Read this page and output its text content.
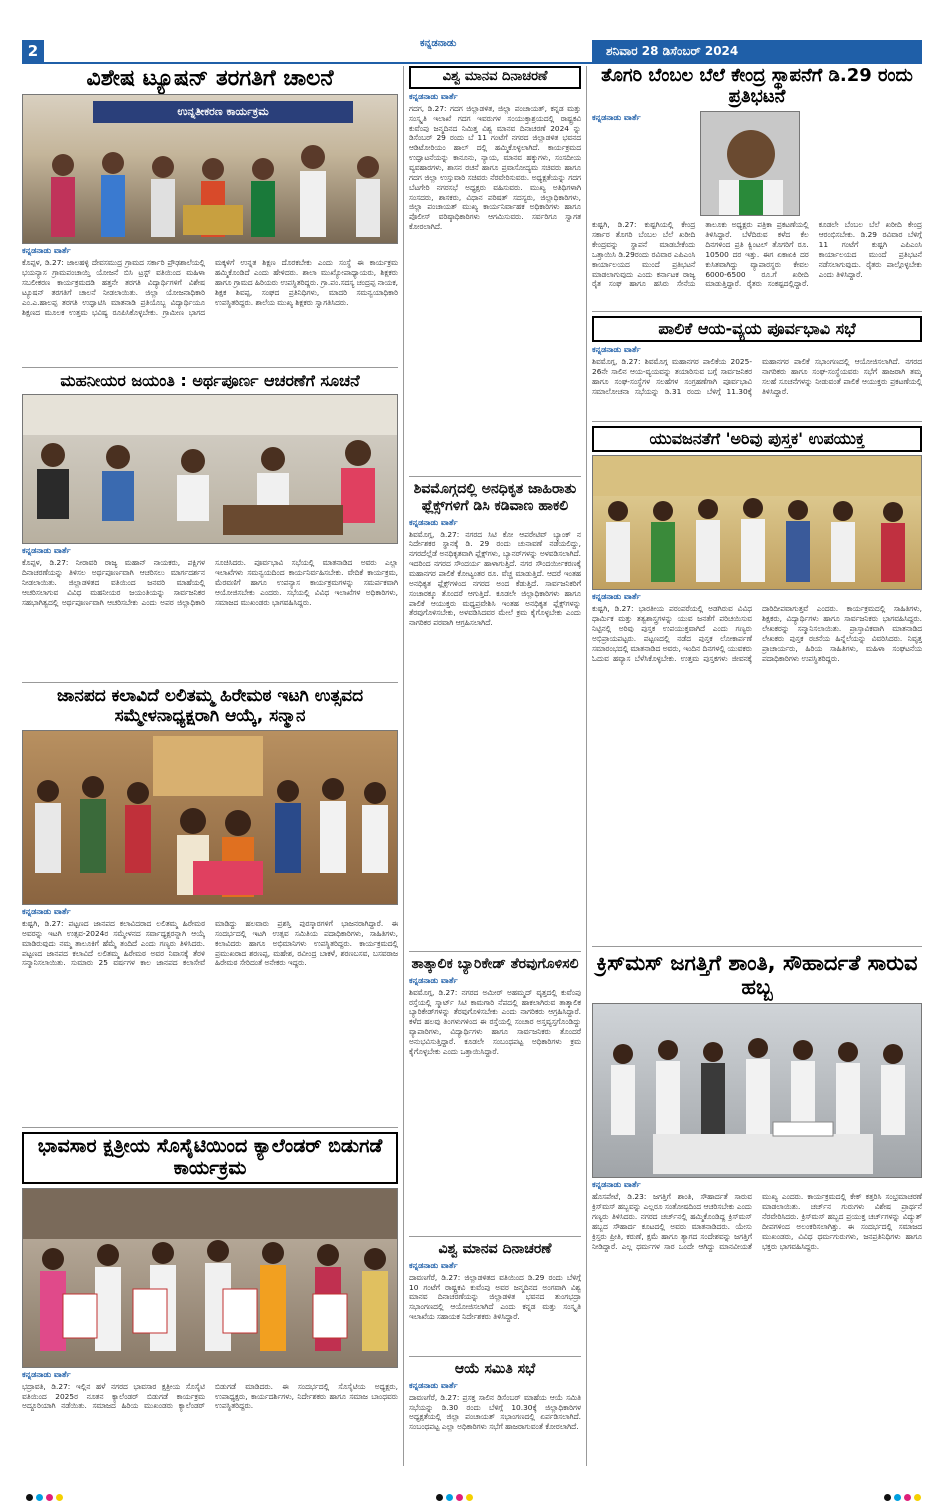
2	ಕನ್ನಡನಾಡು
ಶನಿವಾರ 28 ಡಿಸೆಂಬರ್ 2024
ವಿಶೇಷ ಟ್ಯೂಷನ್ ತರಗತಿಗೆ ಚಾಲನೆ
ಉನ್ನತೀಕರಣ ಕಾರ್ಯಕ್ರಮ
ಕನ್ನಡನಾಡು ವಾರ್ತೆ
ಕೊಪ್ಪಳ, ಡಿ.27: ಜಾಲಹಳ್ಳಿ ದೇವಸಮುದ್ರ ಗ್ರಾಮದ ಸರ್ಕಾರಿ ಪ್ರೌಢಶಾಲೆಯಲ್ಲಿ ಭಯನ್ಯಾಸ ಗ್ರಾಮಪಂಚಾಯ್ತಿ ಯೋಜನೆ ಬಿಸಿ ಟ್ರಸ್ಟ್ ವತಿಯಿಂದ ಮಹಿಳಾ ಸಬಲೀಕರಣ ಕಾರ್ಯಕ್ರಮದಡಿ ಹತ್ತನೇ ತರಗತಿ ವಿದ್ಯಾರ್ಥಿಗಳಿಗೆ ವಿಶೇಷ ಟ್ಯೂಷನ್ ತರಗತಿಗೆ ಚಾಲನೆ ನೀಡಲಾಯಿತು. ಜಿಲ್ಲಾ ಯೋಜನಾಧಿಕಾರಿ ಎಂ.ಎ.ಹಾಲಪ್ಪ ತರಗತಿ ಉದ್ಘಾಟಿಸಿ ಮಾತನಾಡಿ ಪ್ರತಿಯೊಬ್ಬ ವಿದ್ಯಾರ್ಥಿಯೂ ಶಿಕ್ಷಣದ ಮೂಲಕ ಉತ್ತಮ ಭವಿಷ್ಯ ರೂಪಿಸಿಕೊಳ್ಳಬೇಕು. ಗ್ರಾಮೀಣ ಭಾಗದ ಮಕ್ಕಳಿಗೆ ಉನ್ನತ ಶಿಕ್ಷಣ ದೊರಕಬೇಕು ಎಂದು ಸಂಸ್ಥೆ ಈ ಕಾರ್ಯಕ್ರಮ ಹಮ್ಮಿಕೊಂಡಿದೆ ಎಂದು ಹೇಳಿದರು. ಶಾಲಾ ಮುಖ್ಯೋಪಾಧ್ಯಾಯರು, ಶಿಕ್ಷಕರು ಹಾಗೂ ಗ್ರಾಮದ ಹಿರಿಯರು ಉಪಸ್ಥಿತರಿದ್ದರು. ಗ್ರಾ.ಪಂ.ಸದಸ್ಯ ಚಂದ್ರಪ್ಪ ನಾಯಕ, ಶಿಕ್ಷಕ ಶಿವಪ್ಪ, ಸಂಘದ ಪ್ರತಿನಿಧಿಗಳು, ಮಾದರಿ ಸಮನ್ವಯಾಧಿಕಾರಿ ಉಪಸ್ಥಿತರಿದ್ದರು. ಶಾಲೆಯ ಮುಖ್ಯ ಶಿಕ್ಷಕರು ಸ್ವಾಗತಿಸಿದರು.
ಮಹನೀಯರ ಜಯಂತಿ : ಅರ್ಥಪೂರ್ಣ ಆಚರಣೆಗೆ ಸೂಚನೆ
ಕನ್ನಡನಾಡು ವಾರ್ತೆ
ಕೊಪ್ಪಳ, ಡಿ.27: ನೀರಾವರಿ ರಾಜ್ಯ ಮಹಾನ್ ನಾಯಕರು, ಪಕ್ಷಿಗಳ ದಿನಾಚರಣೆಯನ್ನು ತಿಳಿಸಲ ಅರ್ಥಪೂರ್ಣವಾಗಿ ಆಚರಿಸಲು ಮಾರ್ಗದರ್ಶನ ನೀಡಲಾಯಿತು. ಜಿಲ್ಲಾಡಳಿತದ ವತಿಯಿಂದ ಜನವರಿ ಮಾಹೆಯಲ್ಲಿ ಆಚರಿಸಲಾಗುವ ವಿವಿಧ ಮಹನೀಯರ ಜಯಂತಿಯನ್ನು ಸಾರ್ವಜನಿಕರ ಸಹಭಾಗಿತ್ವದಲ್ಲಿ ಅರ್ಥಪೂರ್ಣವಾಗಿ ಆಚರಿಸಬೇಕು ಎಂದು ಅಪರ ಜಿಲ್ಲಾಧಿಕಾರಿ ಸೂಚಿಸಿದರು. ಪೂರ್ವಭಾವಿ ಸಭೆಯಲ್ಲಿ ಮಾತನಾಡಿದ ಅವರು ಎಲ್ಲಾ ಇಲಾಖೆಗಳು ಸಮನ್ವಯದಿಂದ ಕಾರ್ಯನಿರ್ವಹಿಸಬೇಕು. ವೇದಿಕೆ ಕಾರ್ಯಕ್ರಮ, ಮೆರವಣಿಗೆ ಹಾಗೂ ಉಪನ್ಯಾಸ ಕಾರ್ಯಕ್ರಮಗಳನ್ನು ಸಮರ್ಪಕವಾಗಿ ಆಯೋಜಿಸಬೇಕು ಎಂದರು. ಸಭೆಯಲ್ಲಿ ವಿವಿಧ ಇಲಾಖೆಗಳ ಅಧಿಕಾರಿಗಳು, ಸಮಾಜದ ಮುಖಂಡರು ಭಾಗವಹಿಸಿದ್ದರು.
ಜಾನಪದ ಕಲಾವಿದೆ ಲಲಿತಮ್ಮ ಹಿರೇಮಠ ಇಟಗಿ ಉತ್ಸವದ ಸಮ್ಮೇಳನಾಧ್ಯಕ್ಷರಾಗಿ ಆಯ್ಕೆ, ಸನ್ಮಾನ
ಕನ್ನಡನಾಡು ವಾರ್ತೆ
ಕುಷ್ಟಗಿ, ಡಿ.27: ಪಟ್ಟಣದ ಜಾನಪದ ಕಲಾವಿದರಾದ ಲಲಿತಮ್ಮ ಹಿರೇಮಠ ಅವರನ್ನು ಇಟಗಿ ಉತ್ಸವ-2024ರ ಸಮ್ಮೇಳನದ ಸರ್ವಾಧ್ಯಕ್ಷರನ್ನಾಗಿ ಆಯ್ಕೆ ಮಾಡಿರುವುದು ನಮ್ಮ ತಾಲೂಕಿಗೆ ಹೆಮ್ಮೆ ತಂದಿದೆ ಎಂದು ಗಣ್ಯರು ತಿಳಿಸಿದರು. ಪಟ್ಟಣದ ಜಾನಪದ ಕಲಾವಿದೆ ಲಲಿತಮ್ಮ ಹಿರೇಮಠ ಅವರ ನಿವಾಸಕ್ಕೆ ತೆರಳಿ ಸನ್ಮಾನಿಸಲಾಯಿತು. ಸುಮಾರು 25 ವರ್ಷಗಳ ಕಾಲ ಜಾನಪದ ಕಲಾಸೇವೆ ಮಾಡಿದ್ದು ಹಲವಾರು ಪ್ರಶಸ್ತಿ ಪುರಸ್ಕಾರಗಳಿಗೆ ಭಾಜನರಾಗಿದ್ದಾರೆ. ಈ ಸಂದರ್ಭದಲ್ಲಿ ಇಟಗಿ ಉತ್ಸವ ಸಮಿತಿಯ ಪದಾಧಿಕಾರಿಗಳು, ಸಾಹಿತಿಗಳು, ಕಲಾವಿದರು ಹಾಗೂ ಅಭಿಮಾನಿಗಳು ಉಪಸ್ಥಿತರಿದ್ದರು. ಕಾರ್ಯಕ್ರಮದಲ್ಲಿ ಪ್ರಮುಖರಾದ ಶರಣಪ್ಪ, ಮಹೇಶ, ರವೀಂದ್ರ ಬಾಕಳೆ, ಶರಣಬಸವ, ಬಸವರಾಜ ಹಿರೇಮಠ ಸೇರಿದಂತೆ ಅನೇಕರು ಇದ್ದರು.
ಭಾವಸಾರ ಕ್ಷತ್ರೀಯ ಸೊಸೈಟಿಯಿಂದ ಕ್ಯಾಲೆಂಡರ್ ಬಿಡುಗಡೆ ಕಾರ್ಯಕ್ರಮ
ಕನ್ನಡನಾಡು ವಾರ್ತೆ
ಭದ್ರಾವತಿ, ಡಿ.27: ಇಲ್ಲಿನ ಹಳೆ ನಗರದ ಭಾವಸಾರ ಕ್ಷತ್ರೀಯ ಸೊಸೈಟಿ ವತಿಯಿಂದ 2025ರ ನೂತನ ಕ್ಯಾಲೆಂಡರ್ ಬಿಡುಗಡೆ ಕಾರ್ಯಕ್ರಮ ಅದ್ದೂರಿಯಾಗಿ ನಡೆಯಿತು. ಸಮಾಜದ ಹಿರಿಯ ಮುಖಂಡರು ಕ್ಯಾಲೆಂಡರ್ ಬಿಡುಗಡೆ ಮಾಡಿದರು. ಈ ಸಂದರ್ಭದಲ್ಲಿ ಸೊಸೈಟಿಯ ಅಧ್ಯಕ್ಷರು, ಉಪಾಧ್ಯಕ್ಷರು, ಕಾರ್ಯದರ್ಶಿಗಳು, ನಿರ್ದೇಶಕರು ಹಾಗೂ ಸಮಾಜ ಬಾಂಧವರು ಉಪಸ್ಥಿತರಿದ್ದರು.
ವಿಶ್ವ ಮಾನವ ದಿನಾಚರಣೆ
ಕನ್ನಡನಾಡು ವಾರ್ತೆ
ಗದಗ, ಡಿ.27: ಗದಗ ಜಿಲ್ಲಾಡಳಿತ, ಜಿಲ್ಲಾ ಪಂಚಾಯತ್, ಕನ್ನಡ ಮತ್ತು ಸಂಸ್ಕೃತಿ ಇಲಾಖೆ ಗದಗ ಇವರುಗಳ ಸಂಯುಕ್ತಾಶ್ರಯದಲ್ಲಿ ರಾಷ್ಟ್ರಕವಿ ಕುವೆಂಪು ಜನ್ಮದಿನದ ನಿಮಿತ್ತ ವಿಶ್ವ ಮಾನವ ದಿನಾಚರಣೆ 2024 ನ್ನು ಡಿಸೆಂಬರ್ 29 ರಂದು ಬೆ 11 ಗಂಟೆಗೆ ನಗರದ ಜಿಲ್ಲಾಡಳಿತ ಭವನದ ಆಡಿಟೋರಿಯಂ ಹಾಲ್ ದಲ್ಲಿ ಹಮ್ಮಿಕೊಳ್ಳಲಾಗಿದೆ. ಕಾರ್ಯಕ್ರಮದ ಉದ್ಘಾಟನೆಯನ್ನು ಕಾನೂನು, ನ್ಯಾಯ, ಮಾನವ ಹಕ್ಕುಗಳು, ಸಂಸದೀಯ ವ್ಯವಹಾರಗಳು, ಶಾಸನ ರಚನೆ ಹಾಗೂ ಪ್ರವಾಸೋದ್ಯಮ ಸಚಿವರು ಹಾಗೂ ಗದಗ ಜಿಲ್ಲಾ ಉಸ್ತುವಾರಿ ಸಚಿವರು ನೆರವೇರಿಸುವರು. ಅಧ್ಯಕ್ಷತೆಯನ್ನು ಗದಗ ಬೆಟಗೇರಿ ನಗರಸಭೆ ಅಧ್ಯಕ್ಷರು ವಹಿಸುವರು. ಮುಖ್ಯ ಅತಿಥಿಗಳಾಗಿ ಸಂಸದರು, ಶಾಸಕರು, ವಿಧಾನ ಪರಿಷತ್ ಸದಸ್ಯರು, ಜಿಲ್ಲಾಧಿಕಾರಿಗಳು, ಜಿಲ್ಲಾ ಪಂಚಾಯತ್ ಮುಖ್ಯ ಕಾರ್ಯನಿರ್ವಾಹಕ ಅಧಿಕಾರಿಗಳು ಹಾಗೂ ಪೊಲೀಸ್ ವರಿಷ್ಠಾಧಿಕಾರಿಗಳು ಆಗಮಿಸುವರು. ಸರ್ವರಿಗೂ ಸ್ವಾಗತ ಕೋರಲಾಗಿದೆ.
ಶಿವಮೊಗ್ಗದಲ್ಲಿ ಅನಧಿಕೃತ ಜಾಹಿರಾತು ಫ್ಲೆಕ್ಸ್‌ಗಳಿಗೆ ಡಿಸಿ ಕಡಿವಾಣ ಹಾಕಲಿ
ಕನ್ನಡನಾಡು ವಾರ್ತೆ
ಶಿವಮೊಗ್ಗ, ಡಿ.27: ನಗರದ ಸಿಟಿ ಕೋ ಆಪರೇಟಿವ್ ಬ್ಯಾಂಕ್ ನ ನಿರ್ದೇಶಕರ ಸ್ಥಾನಕ್ಕೆ ಡಿ. 29 ರಂದು ಚುನಾವಣೆ ನಡೆಯಲಿದ್ದು, ನಗರದೆಲ್ಲೆಡೆ ಅನಧಿಕೃತವಾಗಿ ಫ್ಲೆಕ್ಸ್‌ಗಳು, ಬ್ಯಾನರ್‌ಗಳನ್ನು ಅಳವಡಿಸಲಾಗಿದೆ. ಇದರಿಂದ ನಗರದ ಸೌಂದರ್ಯ ಹಾಳಾಗುತ್ತಿದೆ. ನಗರ ಸೌಂದರ್ಯೀಕರಣಕ್ಕೆ ಮಹಾನಗರ ಪಾಲಿಕೆ ಕೋಟ್ಯಂತರ ರೂ. ವೆಚ್ಚ ಮಾಡುತ್ತಿದೆ. ಆದರೆ ಇಂತಹ ಅನಧಿಕೃತ ಫ್ಲೆಕ್ಸ್‌ಗಳಿಂದ ನಗರದ ಅಂದ ಕೆಡುತ್ತಿದೆ. ಸಾರ್ವಜನಿಕರಿಗೆ ಸಂಚಾರಕ್ಕೂ ತೊಂದರೆ ಆಗುತ್ತಿದೆ. ಕೂಡಲೇ ಜಿಲ್ಲಾಧಿಕಾರಿಗಳು ಹಾಗೂ ಪಾಲಿಕೆ ಆಯುಕ್ತರು ಮಧ್ಯಪ್ರವೇಶಿಸಿ ಇಂತಹ ಅನಧಿಕೃತ ಫ್ಲೆಕ್ಸ್‌ಗಳನ್ನು ತೆರವುಗೊಳಿಸಬೇಕು, ಅಳವಡಿಸಿದವರ ಮೇಲೆ ಕ್ರಮ ಕೈಗೊಳ್ಳಬೇಕು ಎಂದು ನಾಗರಿಕರ ಪರವಾಗಿ ಆಗ್ರಹಿಸಲಾಗಿದೆ.
ತಾತ್ಕಾಲಿಕ ಬ್ಯಾರಿಕೇಡ್ ತೆರವುಗೊಳಿಸಲಿ
ಕನ್ನಡನಾಡು ವಾರ್ತೆ
ಶಿವಮೊಗ್ಗ, ಡಿ.27: ನಗರದ ಅಮೀರ್ ಅಹಮ್ಮದ್ ವೃತ್ತದಲ್ಲಿ ಕುವೆಂಪು ರಸ್ತೆಯಲ್ಲಿ ಸ್ಮಾರ್ಟ್ ಸಿಟಿ ಕಾಮಗಾರಿ ನೆಪದಲ್ಲಿ ಹಾಕಲಾಗಿರುವ ತಾತ್ಕಾಲಿಕ ಬ್ಯಾರಿಕೇಡ್‌ಗಳನ್ನು ತೆರವುಗೊಳಿಸಬೇಕು ಎಂದು ನಾಗರಿಕರು ಆಗ್ರಹಿಸಿದ್ದಾರೆ. ಕಳೆದ ಹಲವು ತಿಂಗಳುಗಳಿಂದ ಈ ರಸ್ತೆಯಲ್ಲಿ ಸಂಚಾರ ಅಸ್ತವ್ಯಸ್ತಗೊಂಡಿದ್ದು ವ್ಯಾಪಾರಿಗಳು, ವಿದ್ಯಾರ್ಥಿಗಳು ಹಾಗೂ ಸಾರ್ವಜನಿಕರು ತೊಂದರೆ ಅನುಭವಿಸುತ್ತಿದ್ದಾರೆ. ಕೂಡಲೇ ಸಂಬಂಧಪಟ್ಟ ಅಧಿಕಾರಿಗಳು ಕ್ರಮ ಕೈಗೊಳ್ಳಬೇಕು ಎಂದು ಒತ್ತಾಯಿಸಿದ್ದಾರೆ.
ವಿಶ್ವ ಮಾನವ ದಿನಾಚರಣೆ
ಕನ್ನಡನಾಡು ವಾರ್ತೆ
ದಾವಣಗೆರೆ, ಡಿ.27: ಜಿಲ್ಲಾಡಳಿತದ ವತಿಯಿಂದ ಡಿ.29 ರಂದು ಬೆಳಿಗ್ಗೆ 10 ಗಂಟೆಗೆ ರಾಷ್ಟ್ರಕವಿ ಕುವೆಂಪು ಅವರ ಜನ್ಮದಿನದ ಅಂಗವಾಗಿ ವಿಶ್ವ ಮಾನವ ದಿನಾಚರಣೆಯನ್ನು ಜಿಲ್ಲಾಡಳಿತ ಭವನದ ತುಂಗಭದ್ರಾ ಸಭಾಂಗಣದಲ್ಲಿ ಆಯೋಜಿಸಲಾಗಿದೆ ಎಂದು ಕನ್ನಡ ಮತ್ತು ಸಂಸ್ಕೃತಿ ಇಲಾಖೆಯ ಸಹಾಯಕ ನಿರ್ದೇಶಕರು ತಿಳಿಸಿದ್ದಾರೆ.
ಆಯೆ ಸಮಿತಿ ಸಭೆ
ಕನ್ನಡನಾಡು ವಾರ್ತೆ
ದಾವಣಗೆರೆ, ಡಿ.27: ಪ್ರಸಕ್ತ ಸಾಲಿನ ಡಿಸೆಂಬರ್ ಮಾಹೆಯ ಆಯೆ ಸಮಿತಿ ಸಭೆಯನ್ನು ಡಿ.30 ರಂದು ಬೆಳಿಗ್ಗೆ 10.30ಕ್ಕೆ ಜಿಲ್ಲಾಧಿಕಾರಿಗಳ ಅಧ್ಯಕ್ಷತೆಯಲ್ಲಿ ಜಿಲ್ಲಾ ಪಂಚಾಯತ್ ಸಭಾಂಗಣದಲ್ಲಿ ಏರ್ಪಡಿಸಲಾಗಿದೆ. ಸಂಬಂಧಪಟ್ಟ ಎಲ್ಲಾ ಅಧಿಕಾರಿಗಳು ಸಭೆಗೆ ಹಾಜರಾಗುವಂತೆ ಕೋರಲಾಗಿದೆ.
ತೊಗರಿ ಬೆಂಬಲ ಬೆಲೆ ಕೇಂದ್ರ ಸ್ಥಾಪನೆಗೆ ಡಿ.29 ರಂದು ಪ್ರತಿಭಟನೆ
ಕನ್ನಡನಾಡು ವಾರ್ತೆ
ಕುಷ್ಟಗಿ, ಡಿ.27: ಕುಷ್ಟಗಿಯಲ್ಲಿ ಕೇಂದ್ರ ಸರ್ಕಾರ ತೊಗರಿ ಬೆಂಬಲ ಬೆಲೆ ಖರೀದಿ ಕೇಂದ್ರವನ್ನು ಸ್ಥಾಪನೆ ಮಾಡಬೇಕೆಂದು ಒತ್ತಾಯಿಸಿ ಡಿ.29ರಂದು ರವಿವಾರ ಎಪಿಎಂಸಿ ಕಾರ್ಯಾಲಯದ ಮುಂದೆ ಪ್ರತಿಭಟನೆ ಮಾಡಲಾಗುವುದು ಎಂದು ಕರ್ನಾಟಕ ರಾಜ್ಯ ರೈತ ಸಂಘ ಹಾಗೂ ಹಸಿರು ಸೇನೆಯ ತಾಲೂಕು ಅಧ್ಯಕ್ಷರು ಪತ್ರಿಕಾ ಪ್ರಕಟಣೆಯಲ್ಲಿ ತಿಳಿಸಿದ್ದಾರೆ. ಬೆಳೆದಿರುವ ಕಳೆದ ಕೆಲ ದಿನಗಳಿಂದ ಪ್ರತಿ ಕ್ವಿಂಟಲ್ ತೊಗರಿಗೆ ರೂ. 10500 ದರ ಇತ್ತು. ಈಗ ಏಕಾಏಕಿ ದರ ಕುಸಿತವಾಗಿದ್ದು ವ್ಯಾಪಾರಸ್ಥರು ಕೇವಲ 6000-6500 ರೂ.ಗೆ ಖರೀದಿ ಮಾಡುತ್ತಿದ್ದಾರೆ. ರೈತರು ಸಂಕಷ್ಟದಲ್ಲಿದ್ದಾರೆ. ಕೂಡಲೇ ಬೆಂಬಲ ಬೆಲೆ ಖರೀದಿ ಕೇಂದ್ರ ಆರಂಭಿಸಬೇಕು. ಡಿ.29 ರವಿವಾರ ಬೆಳಿಗ್ಗೆ 11 ಗಂಟೆಗೆ ಕುಷ್ಟಗಿ ಎಪಿಎಂಸಿ ಕಾರ್ಯಾಲಯದ ಮುಂದೆ ಪ್ರತಿಭಟನೆ ನಡೆಸಲಾಗುವುದು. ರೈತರು ಪಾಲ್ಗೊಳ್ಳಬೇಕು ಎಂದು ತಿಳಿಸಿದ್ದಾರೆ.
ಪಾಲಿಕೆ ಆಯ-ವ್ಯಯ ಪೂರ್ವಭಾವಿ ಸಭೆ
ಕನ್ನಡನಾಡು ವಾರ್ತೆ
ಶಿವಮೊಗ್ಗ, ಡಿ.27: ಶಿವಮೊಗ್ಗ ಮಹಾನಗರ ಪಾಲಿಕೆಯ 2025-26ನೇ ಸಾಲಿನ ಆಯ-ವ್ಯಯವನ್ನು ತಯಾರಿಸುವ ಬಗ್ಗೆ ಸಾರ್ವಜನಿಕರ ಹಾಗೂ ಸಂಘ-ಸಂಸ್ಥೆಗಳ ಸಲಹೆಗಳ ಸಂಗ್ರಹಣೆಗಾಗಿ ಪೂರ್ವಭಾವಿ ಸಮಾಲೋಚನಾ ಸಭೆಯನ್ನು ಡಿ.31 ರಂದು ಬೆಳಿಗ್ಗೆ 11.30ಕ್ಕೆ ಮಹಾನಗರ ಪಾಲಿಕೆ ಸಭಾಂಗಣದಲ್ಲಿ ಆಯೋಜಿಸಲಾಗಿದೆ. ನಗರದ ನಾಗರಿಕರು ಹಾಗೂ ಸಂಘ-ಸಂಸ್ಥೆಯವರು ಸಭೆಗೆ ಹಾಜರಾಗಿ ತಮ್ಮ ಸಲಹೆ ಸೂಚನೆಗಳನ್ನು ನೀಡುವಂತೆ ಪಾಲಿಕೆ ಆಯುಕ್ತರು ಪ್ರಕಟಣೆಯಲ್ಲಿ ತಿಳಿಸಿದ್ದಾರೆ.
ಯುವಜನತೆಗೆ 'ಅರಿವು ಪುಸ್ತಕ' ಉಪಯುಕ್ತ
ಕನ್ನಡನಾಡು ವಾರ್ತೆ
ಕುಷ್ಟಗಿ, ಡಿ.27: ಭಾರತೀಯ ಪರಂಪರೆಯಲ್ಲಿ ಅಡಗಿರುವ ವಿವಿಧ ಧಾರ್ಮಿಕ ಮತ್ತು ತತ್ವಶಾಸ್ತ್ರಗಳನ್ನು ಯುವ ಜನತೆಗೆ ಪರಿಚಯಿಸುವ ನಿಟ್ಟಿನಲ್ಲಿ ಅರಿವು ಪುಸ್ತಕ ಉಪಯುಕ್ತವಾಗಿದೆ ಎಂದು ಗಣ್ಯರು ಅಭಿಪ್ರಾಯಪಟ್ಟರು. ಪಟ್ಟಣದಲ್ಲಿ ನಡೆದ ಪುಸ್ತಕ ಲೋಕಾರ್ಪಣೆ ಸಮಾರಂಭದಲ್ಲಿ ಮಾತನಾಡಿದ ಅವರು, ಇಂದಿನ ದಿನಗಳಲ್ಲಿ ಯುವಕರು ಓದುವ ಹವ್ಯಾಸ ಬೆಳೆಸಿಕೊಳ್ಳಬೇಕು. ಉತ್ತಮ ಪುಸ್ತಕಗಳು ಜೀವನಕ್ಕೆ ದಾರಿದೀಪವಾಗುತ್ತವೆ ಎಂದರು. ಕಾರ್ಯಕ್ರಮದಲ್ಲಿ ಸಾಹಿತಿಗಳು, ಶಿಕ್ಷಕರು, ವಿದ್ಯಾರ್ಥಿಗಳು ಹಾಗೂ ಸಾರ್ವಜನಿಕರು ಭಾಗವಹಿಸಿದ್ದರು. ಲೇಖಕರನ್ನು ಸನ್ಮಾನಿಸಲಾಯಿತು. ಪ್ರಾಸ್ತಾವಿಕವಾಗಿ ಮಾತನಾಡಿದ ಲೇಖಕರು ಪುಸ್ತಕ ರಚನೆಯ ಹಿನ್ನೆಲೆಯನ್ನು ವಿವರಿಸಿದರು. ನಿವೃತ್ತ ಪ್ರಾಚಾರ್ಯರು, ಹಿರಿಯ ಸಾಹಿತಿಗಳು, ಮಹಿಳಾ ಸಂಘಟನೆಯ ಪದಾಧಿಕಾರಿಗಳು ಉಪಸ್ಥಿತರಿದ್ದರು.
ಕ್ರಿಸ್‌ಮಸ್ ಜಗತ್ತಿಗೆ ಶಾಂತಿ, ಸೌಹಾರ್ದತೆ ಸಾರುವ ಹಬ್ಬ
ಕನ್ನಡನಾಡು ವಾರ್ತೆ
ಹೊಸಪೇಟೆ, ಡಿ.23: ಜಗತ್ತಿಗೆ ಶಾಂತಿ, ಸೌಹಾರ್ದತೆ ಸಾರುವ ಕ್ರಿಸ್‌ಮಸ್ ಹಬ್ಬವನ್ನು ಎಲ್ಲರೂ ಸಂತೋಷದಿಂದ ಆಚರಿಸಬೇಕು ಎಂದು ಗಣ್ಯರು ತಿಳಿಸಿದರು. ನಗರದ ಚರ್ಚ್‌ನಲ್ಲಿ ಹಮ್ಮಿಕೊಂಡಿದ್ದ ಕ್ರಿಸ್‌ಮಸ್ ಹಬ್ಬದ ಸೌಹಾರ್ದ ಕೂಟದಲ್ಲಿ ಅವರು ಮಾತನಾಡಿದರು. ಯೇಸು ಕ್ರಿಸ್ತರು ಪ್ರೀತಿ, ಕರುಣೆ, ಕ್ಷಮೆ ಹಾಗೂ ತ್ಯಾಗದ ಸಂದೇಶವನ್ನು ಜಗತ್ತಿಗೆ ನೀಡಿದ್ದಾರೆ. ಎಲ್ಲ ಧರ್ಮಗಳ ಸಾರ ಒಂದೇ ಆಗಿದ್ದು ಮಾನವೀಯತೆ ಮುಖ್ಯ ಎಂದರು. ಕಾರ್ಯಕ್ರಮದಲ್ಲಿ ಕೇಕ್ ಕತ್ತರಿಸಿ ಸಂಭ್ರಮಾಚರಣೆ ಮಾಡಲಾಯಿತು. ಚರ್ಚ್‌ನ ಗುರುಗಳು ವಿಶೇಷ ಪ್ರಾರ್ಥನೆ ನೆರವೇರಿಸಿದರು. ಕ್ರಿಸ್‌ಮಸ್ ಹಬ್ಬದ ಪ್ರಯುಕ್ತ ಚರ್ಚ್‌ಗಳನ್ನು ವಿದ್ಯುತ್ ದೀಪಗಳಿಂದ ಅಲಂಕರಿಸಲಾಗಿತ್ತು. ಈ ಸಂದರ್ಭದಲ್ಲಿ ಸಮಾಜದ ಮುಖಂಡರು, ವಿವಿಧ ಧರ್ಮಗುರುಗಳು, ಜನಪ್ರತಿನಿಧಿಗಳು ಹಾಗೂ ಭಕ್ತರು ಭಾಗವಹಿಸಿದ್ದರು.
